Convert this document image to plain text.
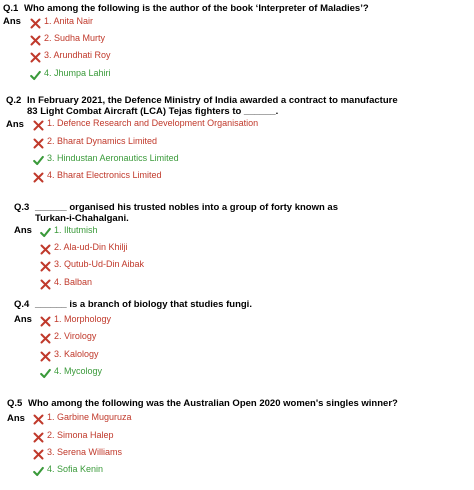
Q.1 Who among the following is the author of the book ‘Interpreter of Maladies’?
Ans	1. Anita Nair
2. Sudha Murty
3. Arundhati Roy
4. Jhumpa Lahiri
Q.2 In February 2021, the Defence Ministry of India awarded a contract to manufacture 83 Light Combat Aircraft (LCA) Tejas fighters to ______.
Ans	1. Defence Research and Development Organisation
2. Bharat Dynamics Limited
3. Hindustan Aeronautics Limited
4. Bharat Electronics Limited
Q.3 ______ organised his trusted nobles into a group of forty known as Turkan-i-Chahalgani.
Ans 1. Iltutmish
2. Ala-ud-Din Khilji
3. Qutub-Ud-Din Aibak
4. Balban
Q.4 ______ is a branch of biology that studies fungi.
Ans 1. Morphology
2. Virology
3. Kalology
4. Mycology
Q.5 Who among the following was the Australian Open 2020 women's singles winner?
Ans 1. Garbine Muguruza
2. Simona Halep
3. Serena Williams
4. Sofia Kenin
